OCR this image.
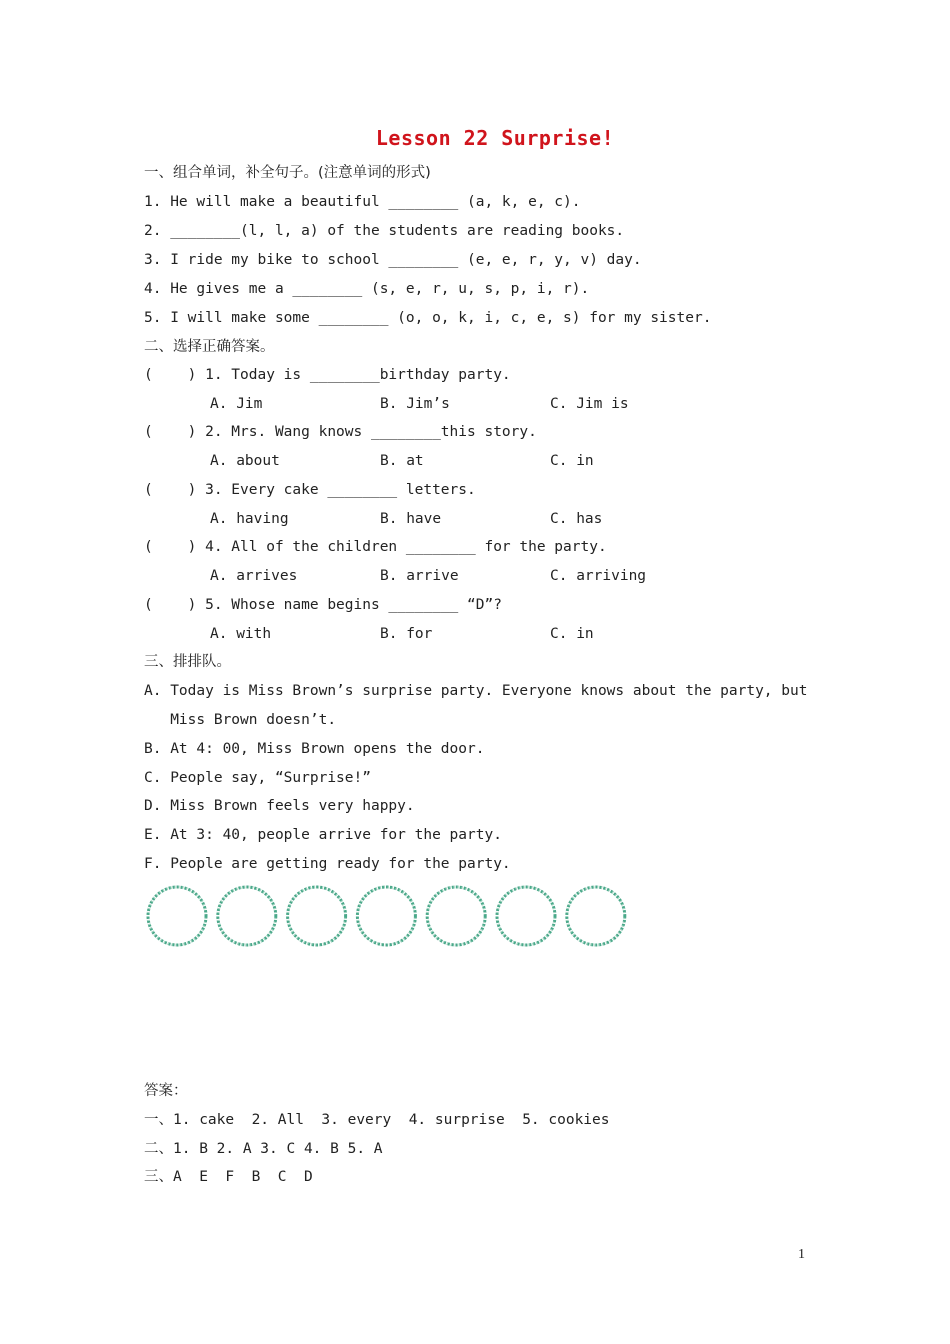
Lesson 22 Surprise!
一、组合单词，补全句子。(注意单词的形式)
1. He will make a beautiful ________ (a, k, e, c).
2. ________(l, l, a) of the students are reading books.
3. I ride my bike to school ________ (e, e, r, y, v) day.
4. He gives me a ________ (s, e, r, u, s, p, i, r).
5. I will make some ________ (o, o, k, i, c, e, s) for my sister.
二、选择正确答案。
(    ) 1. Today is ________birthday party.
A. Jim	B. Jim’s	C. Jim is
(    ) 2. Mrs. Wang knows ________this story.
A. about	B. at	C. in
(    ) 3. Every cake ________ letters.
A. having	B. have	C. has
(    ) 4. All of the children ________ for the party.
A. arrives	B. arrive	C. arriving
(    ) 5. Whose name begins ________ “D”?
A. with	B. for	C. in
三、排排队。
A. Today is Miss Brown’s surprise party. Everyone knows about the party, but
Miss Brown doesn’t.
B. At 4: 00, Miss Brown opens the door.
C. People say, “Surprise!”
D. Miss Brown feels very happy.
E. At 3: 40, people arrive for the party.
F. People are getting ready for the party.
答案：
一、1. cake  2. All  3. every  4. surprise  5. cookies
二、1. B 2. A 3. C 4. B 5. A
三、A  E  F  B  C  D
1
